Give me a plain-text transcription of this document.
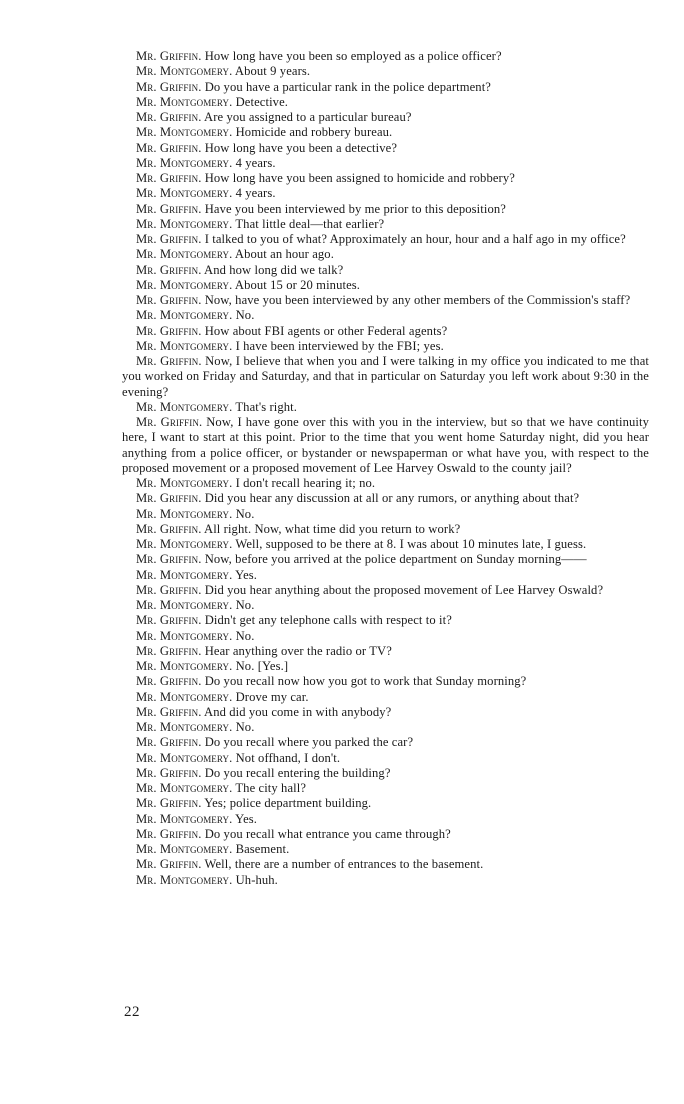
Mr. Griffin. How long have you been so employed as a police officer?

Mr. Montgomery. About 9 years.

Mr. Griffin. Do you have a particular rank in the police department?

Mr. Montgomery. Detective.

Mr. Griffin. Are you assigned to a particular bureau?

Mr. Montgomery. Homicide and robbery bureau.

Mr. Griffin. How long have you been a detective?

Mr. Montgomery. 4 years.

Mr. Griffin. How long have you been assigned to homicide and robbery?

Mr. Montgomery. 4 years.

Mr. Griffin. Have you been interviewed by me prior to this deposition?

Mr. Montgomery. That little deal—that earlier?

Mr. Griffin. I talked to you of what? Approximately an hour, hour and a half ago in my office?

Mr. Montgomery. About an hour ago.

Mr. Griffin. And how long did we talk?

Mr. Montgomery. About 15 or 20 minutes.

Mr. Griffin. Now, have you been interviewed by any other members of the Commission's staff?

Mr. Montgomery. No.

Mr. Griffin. How about FBI agents or other Federal agents?

Mr. Montgomery. I have been interviewed by the FBI; yes.

Mr. Griffin. Now, I believe that when you and I were talking in my office you indicated to me that you worked on Friday and Saturday, and that in particular on Saturday you left work about 9:30 in the evening?

Mr. Montgomery. That's right.

Mr. Griffin. Now, I have gone over this with you in the interview, but so that we have continuity here, I want to start at this point. Prior to the time that you went home Saturday night, did you hear anything from a police officer, or bystander or newspaperman or what have you, with respect to the proposed movement or a proposed movement of Lee Harvey Oswald to the county jail?

Mr. Montgomery. I don't recall hearing it; no.

Mr. Griffin. Did you hear any discussion at all or any rumors, or anything about that?

Mr. Montgomery. No.

Mr. Griffin. All right. Now, what time did you return to work?

Mr. Montgomery. Well, supposed to be there at 8. I was about 10 minutes late, I guess.

Mr. Griffin. Now, before you arrived at the police department on Sunday morning——

Mr. Montgomery. Yes.

Mr. Griffin. Did you hear anything about the proposed movement of Lee Harvey Oswald?

Mr. Montgomery. No.

Mr. Griffin. Didn't get any telephone calls with respect to it?

Mr. Montgomery. No.

Mr. Griffin. Hear anything over the radio or TV?

Mr. Montgomery. No. [Yes.]

Mr. Griffin. Do you recall now how you got to work that Sunday morning?

Mr. Montgomery. Drove my car.

Mr. Griffin. And did you come in with anybody?

Mr. Montgomery. No.

Mr. Griffin. Do you recall where you parked the car?

Mr. Montgomery. Not offhand, I don't.

Mr. Griffin. Do you recall entering the building?

Mr. Montgomery. The city hall?

Mr. Griffin. Yes; police department building.

Mr. Montgomery. Yes.

Mr. Griffin. Do you recall what entrance you came through?

Mr. Montgomery. Basement.

Mr. Griffin. Well, there are a number of entrances to the basement.

Mr. Montgomery. Uh-huh.

22
